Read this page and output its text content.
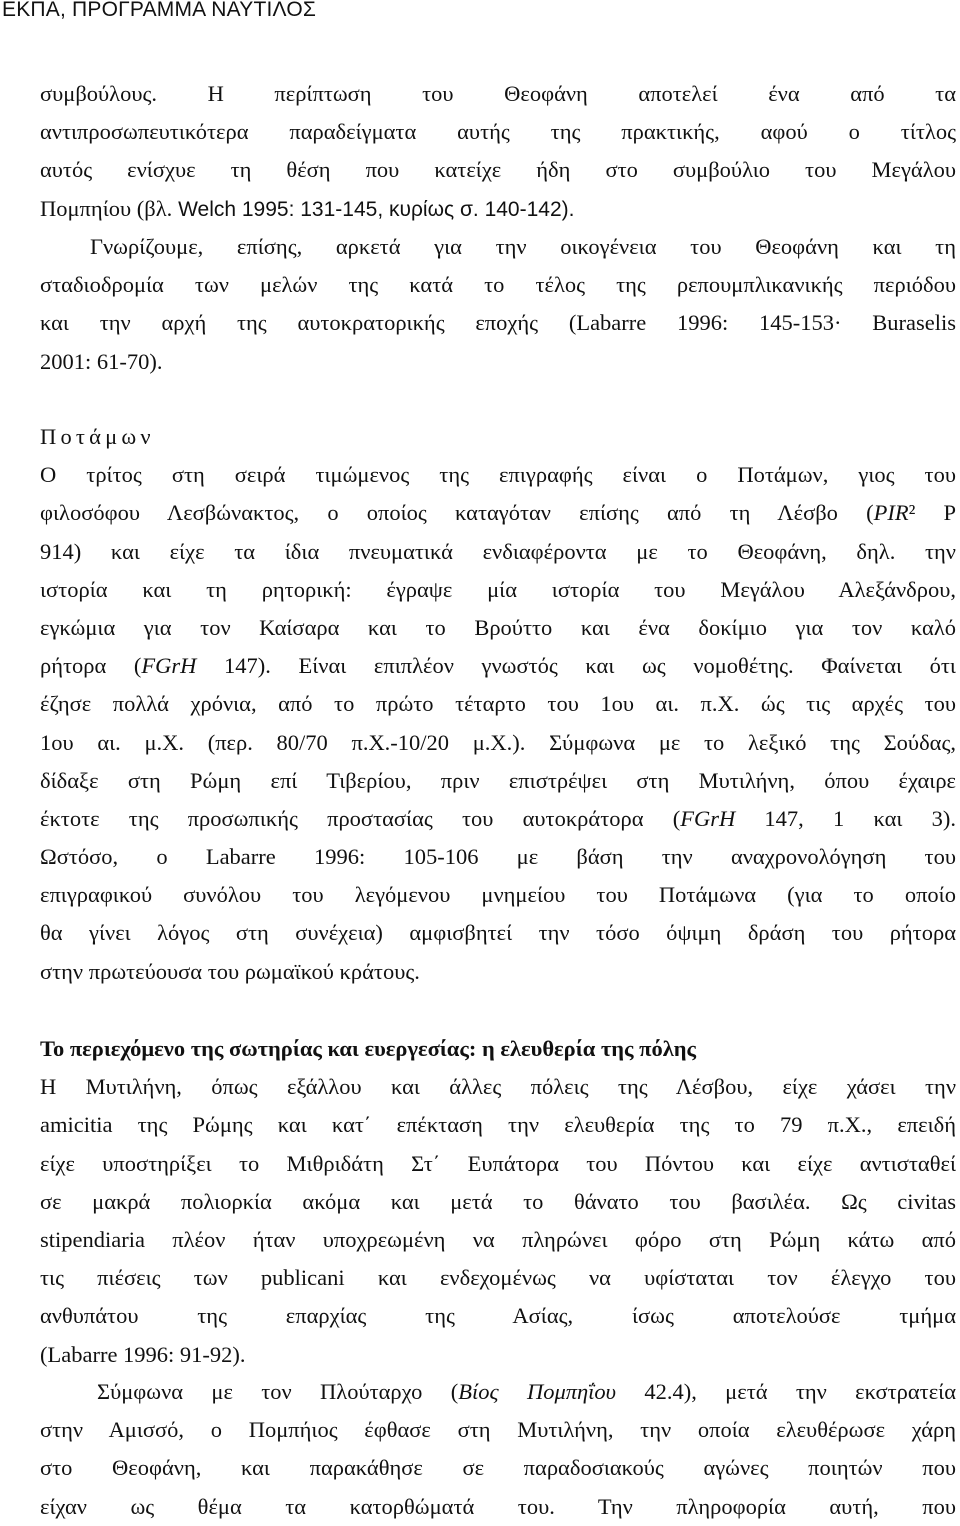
ΕΚΠΑ, ΠΡΟΓΡΑΜΜΑ ΝΑΥΤΙΛΟΣ
συμβούλους. Η περίπτωση του Θεοφάνη αποτελεί ένα από τα
αντιπροσωπευτικότερα παραδείγματα αυτής της πρακτικής, αφού ο τίτλος
αυτός ενίσχυε τη θέση που κατείχε ήδη στο συμβούλιο του Μεγάλου
Πομπηίου (βλ. Welch 1995: 131-145, κυρίως σ. 140-142).
Γνωρίζουμε, επίσης, αρκετά για την οικογένεια του Θεοφάνη και τη
σταδιοδρομία των μελών της κατά το τέλος της ρεπουμπλικανικής περιόδου
και την αρχή της αυτοκρατορικής εποχής (Labarre 1996: 145-153· Buraselis
2001: 61-70).
Ποτάμων
Ο τρίτος στη σειρά τιμώμενος της επιγραφής είναι ο Ποτάμων, γιος του
φιλοσόφου Λεσβώνακτος, ο οποίος καταγόταν επίσης από τη Λέσβο (PIR² P
914) και είχε τα ίδια πνευματικά ενδιαφέροντα με το Θεοφάνη, δηλ. την
ιστορία και τη ρητορική: έγραψε μία ιστορία του Μεγάλου Αλεξάνδρου,
εγκώμια για τον Καίσαρα και το Βρούττο και ένα δοκίμιο για τον καλό
ρήτορα (FGrH 147). Είναι επιπλέον γνωστός και ως νομοθέτης. Φαίνεται ότι
έζησε πολλά χρόνια, από το πρώτο τέταρτο του 1ου αι. π.Χ. ώς τις αρχές του
1ου αι. μ.Χ. (περ. 80/70 π.Χ.-10/20 μ.Χ.). Σύμφωνα με το λεξικό της Σούδας,
δίδαξε στη Ρώμη επί Τιβερίου, πριν επιστρέψει στη Μυτιλήνη, όπου έχαιρε
έκτοτε της προσωπικής προστασίας του αυτοκράτορα (FGrH 147, 1 και 3).
Ωστόσο, ο Labarre 1996: 105-106 με βάση την αναχρονολόγηση του
επιγραφικού συνόλου του λεγόμενου μνημείου του Ποτάμωνα (για το οποίο
θα γίνει λόγος στη συνέχεια) αμφισβητεί την τόσο όψιμη δράση του ρήτορα
στην πρωτεύουσα του ρωμαϊκού κράτους.
Το περιεχόμενο της σωτηρίας και ευεργεσίας: η ελευθερία της πόλης
Η Μυτιλήνη, όπως εξάλλου και άλλες πόλεις της Λέσβου, είχε χάσει την
amicitia της Ρώμης και κατ΄ επέκταση την ελευθερία της το 79 π.Χ., επειδή
είχε υποστηρίξει το Μιθριδάτη Στ΄ Ευπάτορα του Πόντου και είχε αντισταθεί
σε μακρά πολιορκία ακόμα και μετά το θάνατο του βασιλέα. Ως civitas
stipendiaria πλέον ήταν υποχρεωμένη να πληρώνει φόρο στη Ρώμη κάτω από
τις πιέσεις των publicani και ενδεχομένως να υφίσταται τον έλεγχο του
ανθυπάτου της επαρχίας της Ασίας, ίσως αποτελούσε τμήμα
(Labarre 1996: 91-92).
Σύμφωνα με τον Πλούταρχο (Βίος Πομπηΐου 42.4), μετά την εκστρατεία
στην Αμισσό, ο Πομπήιος έφθασε στη Μυτιλήνη, την οποία ελευθέρωσε χάρη
στο Θεοφάνη, και παρακάθησε σε παραδοσιακούς αγώνες ποιητών που
είχαν ως θέμα τα κατορθώματά του. Την πληροφορία αυτή, που
